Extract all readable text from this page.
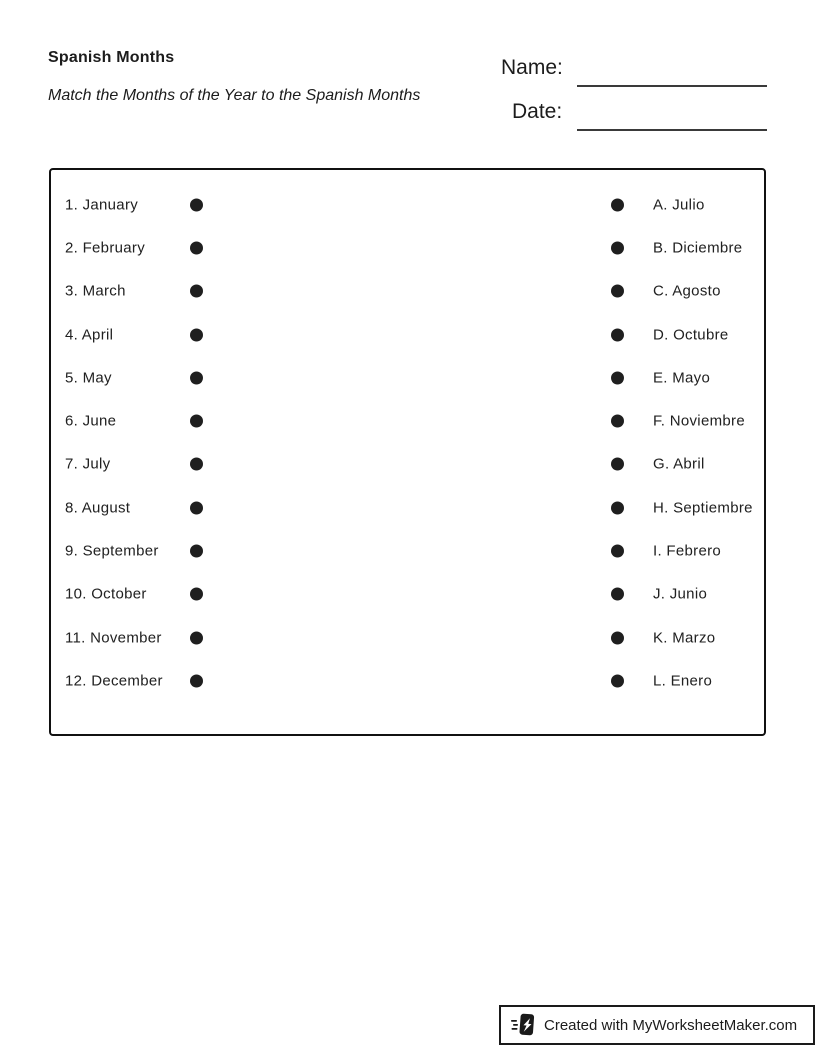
Spanish Months
Match the Months of the Year to the Spanish Months
Name:
Date:
1. January	A. Julio
2. February	B. Diciembre
3. March	C. Agosto
4. April	D. Octubre
5. May	E. Mayo
6. June	F. Noviembre
7. July	G. Abril
8. August	H. Septiembre
9. September	I. Febrero
10. October	J. Junio
11. November	K. Marzo
12. December	L. Enero
Created with MyWorksheetMaker.com
